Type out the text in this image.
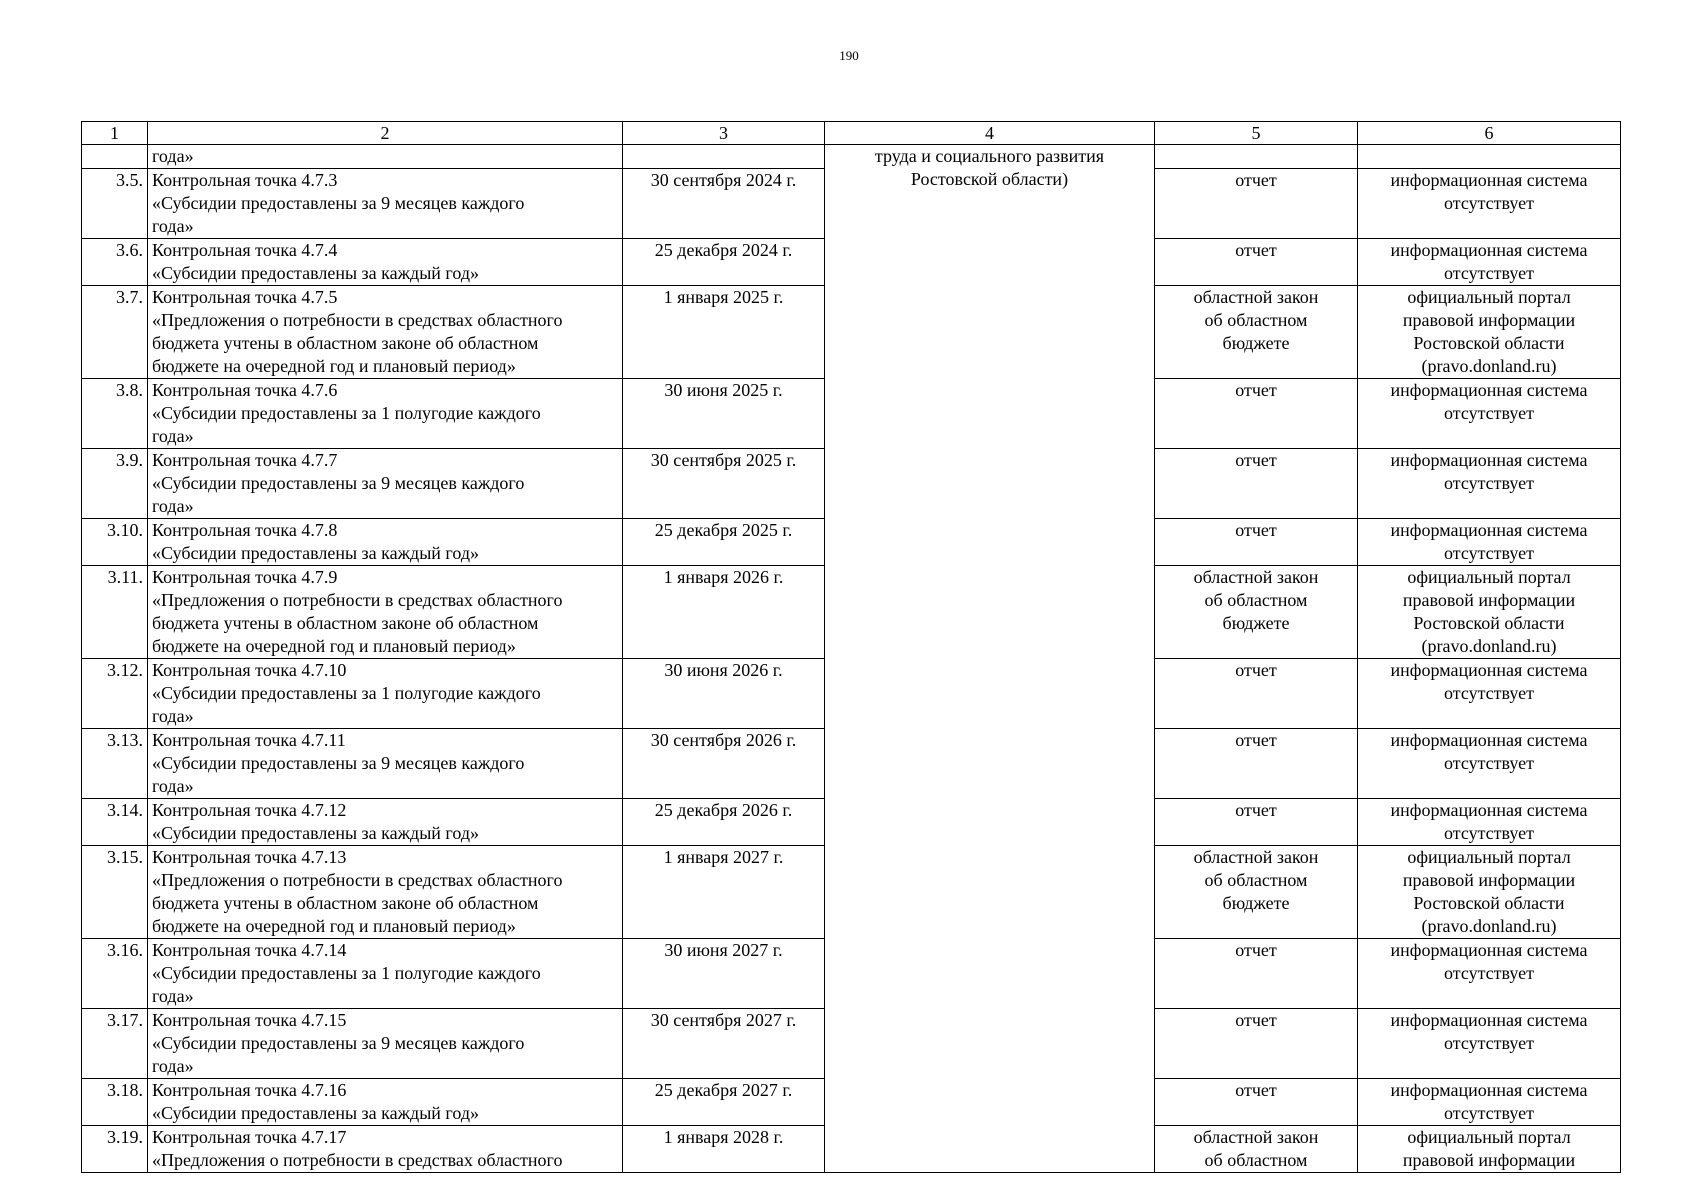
190
1	2	3	4	5	6
	года»		труда и социального развития
Ростовской области)		

3.5.	Контрольная точка 4.7.3
«Субсидии предоставлены за 9 месяцев каждого
года»	30 сентября 2024 г.		отчет	информационная система
отсутствует

3.6.	Контрольная точка 4.7.4
«Субсидии предоставлены за каждый год»	25 декабря 2024 г.		отчет	информационная система
отсутствует

3.7.	Контрольная точка 4.7.5
«Предложения о потребности в средствах областного
бюджета учтены в областном законе об областном
бюджете на очередной год и плановый период»	1 января 2025 г.		областной закон
об областном
бюджете	официальный портал
правовой информации
Ростовской области
(pravo.donland.ru)

3.8.	Контрольная точка 4.7.6
«Субсидии предоставлены за 1 полугодие каждого
года»	30 июня 2025 г.		отчет	информационная система
отсутствует

3.9.	Контрольная точка 4.7.7
«Субсидии предоставлены за 9 месяцев каждого
года»	30 сентября 2025 г.		отчет	информационная система
отсутствует

3.10.	Контрольная точка 4.7.8
«Субсидии предоставлены за каждый год»	25 декабря 2025 г.		отчет	информационная система
отсутствует

3.11.	Контрольная точка 4.7.9
«Предложения о потребности в средствах областного
бюджета учтены в областном законе об областном
бюджете на очередной год и плановый период»	1 января 2026 г.		областной закон
об областном
бюджете	официальный портал
правовой информации
Ростовской области
(pravo.donland.ru)

3.12.	Контрольная точка 4.7.10
«Субсидии предоставлены за 1 полугодие каждого
года»	30 июня 2026 г.		отчет	информационная система
отсутствует

3.13.	Контрольная точка 4.7.11
«Субсидии предоставлены за 9 месяцев каждого
года»	30 сентября 2026 г.		отчет	информационная система
отсутствует

3.14.	Контрольная точка 4.7.12
«Субсидии предоставлены за каждый год»	25 декабря 2026 г.		отчет	информационная система
отсутствует

3.15.	Контрольная точка 4.7.13
«Предложения о потребности в средствах областного
бюджета учтены в областном законе об областном
бюджете на очередной год и плановый период»	1 января 2027 г.		областной закон
об областном
бюджете	официальный портал
правовой информации
Ростовской области
(pravo.donland.ru)

3.16.	Контрольная точка 4.7.14
«Субсидии предоставлены за 1 полугодие каждого
года»	30 июня 2027 г.		отчет	информационная система
отсутствует

3.17.	Контрольная точка 4.7.15
«Субсидии предоставлены за 9 месяцев каждого
года»	30 сентября 2027 г.		отчет	информационная система
отсутствует

3.18.	Контрольная точка 4.7.16
«Субсидии предоставлены за каждый год»	25 декабря 2027 г.		отчет	информационная система
отсутствует

3.19.	Контрольная точка 4.7.17
«Предложения о потребности в средствах областного	1 января 2028 г.		областной закон
об областном	официальный портал
правовой информации
